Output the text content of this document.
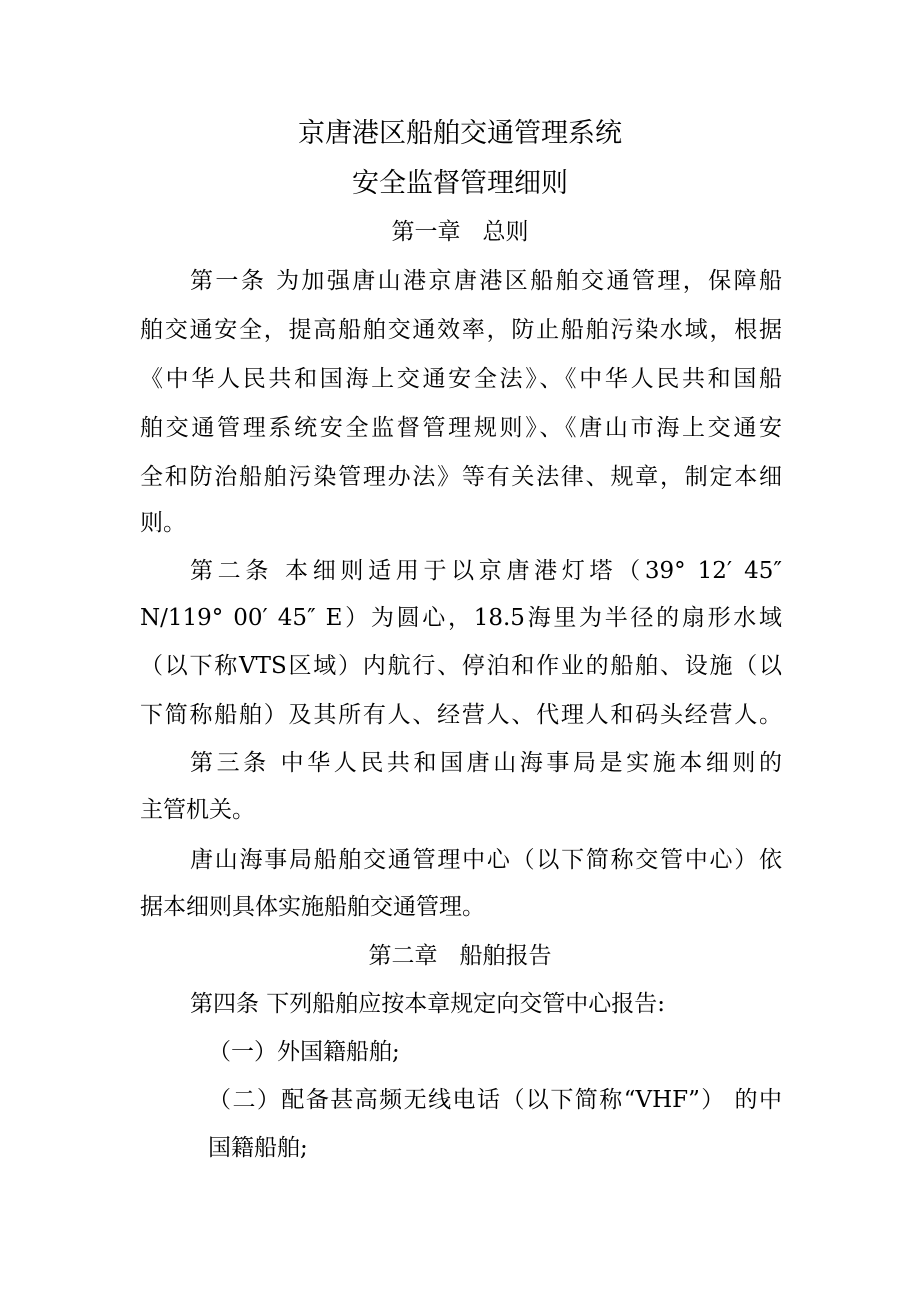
京唐港区船舶交通管理系统
安全监督管理细则
第一章   总则
第一条 为加强唐山港京唐港区船舶交通管理，保障船
舶交通安全，提高船舶交通效率，防止船舶污染水域，根据
《中华人民共和国海上交通安全法》、《中华人民共和国船
舶交通管理系统安全监督管理规则》、《唐山市海上交通安
全和防治船舶污染管理办法》等有关法律、规章，制定本细
则。
第二条 本细则适用于以京唐港灯塔（39° 12′ 45″
N/119° 00′ 45″ E）为圆心，18.5海里为半径的扇形水域
（以下称VTS区域）内航行、停泊和作业的船舶、设施（以
下简称船舶）及其所有人、经营人、代理人和码头经营人。
第三条 中华人民共和国唐山海事局是实施本细则的
主管机关。
唐山海事局船舶交通管理中心（以下简称交管中心）依
据本细则具体实施船舶交通管理。
第二章   船舶报告
第四条 下列船舶应按本章规定向交管中心报告:
（一）外国籍船舶;
（二）配备甚高频无线电话（以下简称“VHF”） 的中
国籍船舶;
